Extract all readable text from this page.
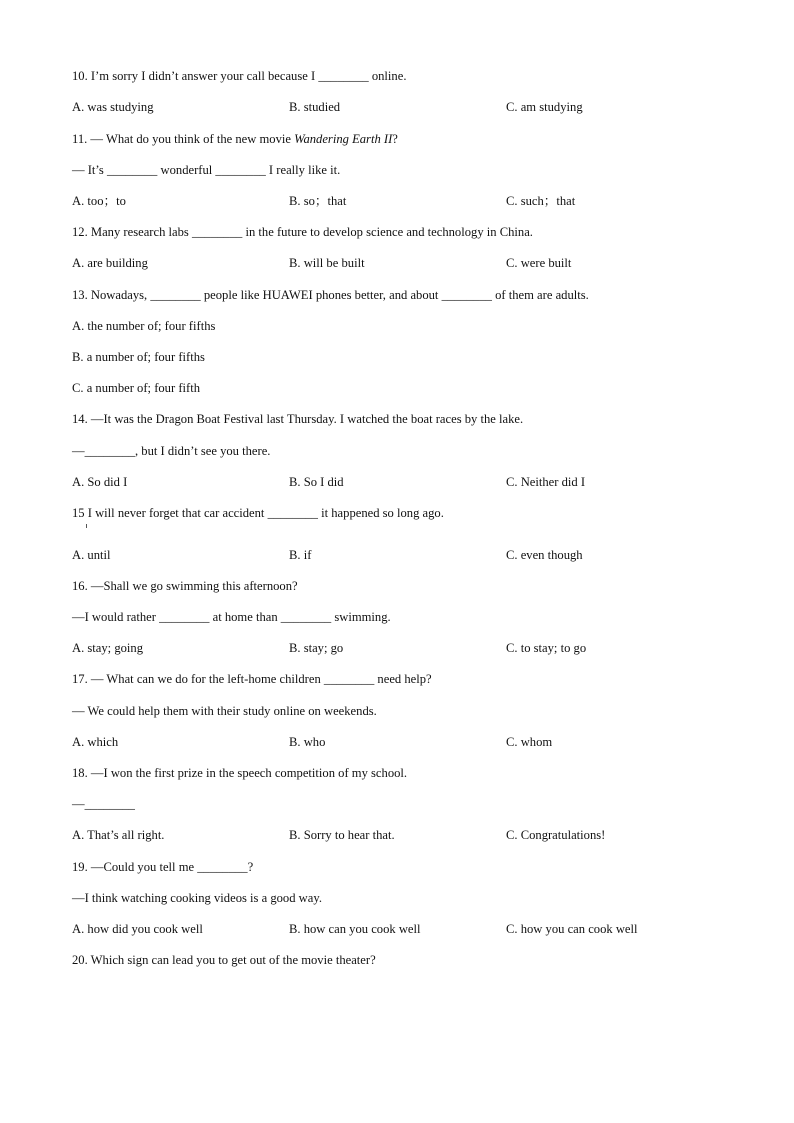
10. I’m sorry I didn’t answer your call because I ________ online.
A. was studying	B. studied	C. am studying
11. — What do you think of the new movie Wandering Earth II?
— It’s ________ wonderful ________ I really like it.
A. too；to	B. so；that	C. such；that
12. Many research labs ________ in the future to develop science and technology in China.
A. are building	B. will be built	C. were built
13. Nowadays, ________ people like HUAWEI phones better, and about ________ of them are adults.
A. the number of; four fifths
B. a number of; four fifths
C. a number of; four fifth
14. —It was the Dragon Boat Festival last Thursday. I watched the boat races by the lake.
—________, but I didn’t see you there.
A. So did I	B. So I did	C. Neither did I
15 I will never forget that car accident ________ it happened so long ago.
A. until	B. if	C. even though
16. —Shall we go swimming this afternoon?
—I would rather ________ at home than ________ swimming.
A. stay; going	B. stay; go	C. to stay; to go
17. — What can we do for the left-home children ________ need help?
— We could help them with their study online on weekends.
A. which	B. who	C. whom
18. —I won the first prize in the speech competition of my school.
—________
A. That’s all right.	B. Sorry to hear that.	C. Congratulations!
19. —Could you tell me ________?
—I think watching cooking videos is a good way.
A. how did you cook well	B. how can you cook well	C. how you can cook well
20. Which sign can lead you to get out of the movie theater?
